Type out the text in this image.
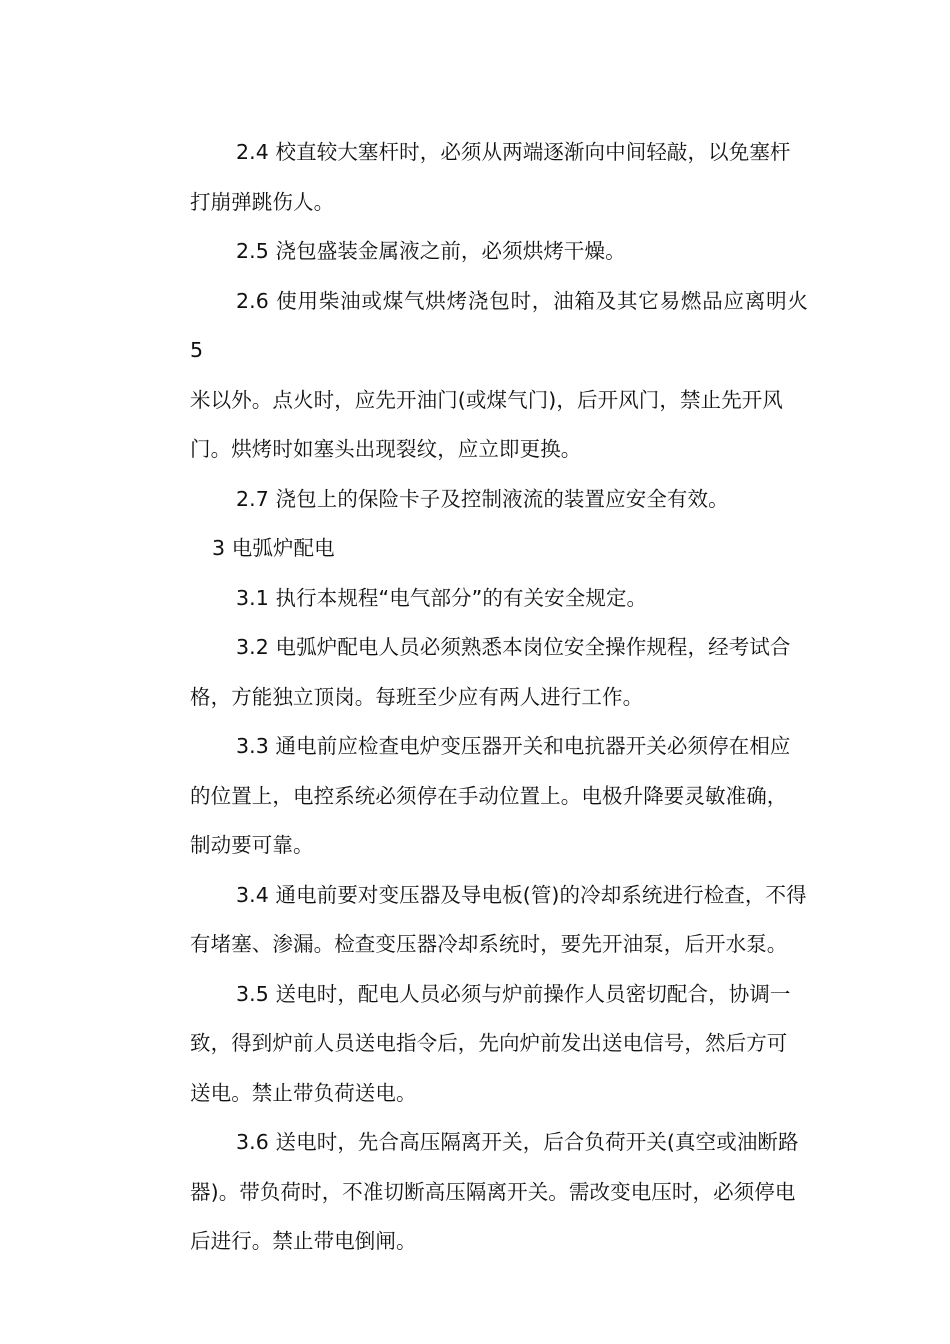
2.4 校直较大塞杆时，必须从两端逐渐向中间轻敲，以免塞杆
打崩弹跳伤人。
2.5 浇包盛装金属液之前，必须烘烤干燥。
2.6 使用柴油或煤气烘烤浇包时，油箱及其它易燃品应离明火 5
米以外。点火时，应先开油门(或煤气门)，后开风门，禁止先开风
门。烘烤时如塞头出现裂纹，应立即更换。
2.7 浇包上的保险卡子及控制液流的装置应安全有效。
3 电弧炉配电
3.1 执行本规程“电气部分”的有关安全规定。
3.2 电弧炉配电人员必须熟悉本岗位安全操作规程，经考试合
格，方能独立顶岗。每班至少应有两人进行工作。
3.3 通电前应检查电炉变压器开关和电抗器开关必须停在相应
的位置上，电控系统必须停在手动位置上。电极升降要灵敏准确，
制动要可靠。
3.4 通电前要对变压器及导电板(管)的冷却系统进行检查，不得
有堵塞、渗漏。检查变压器冷却系统时，要先开油泵，后开水泵。
3.5 送电时，配电人员必须与炉前操作人员密切配合，协调一
致，得到炉前人员送电指令后，先向炉前发出送电信号，然后方可
送电。禁止带负荷送电。
3.6 送电时，先合高压隔离开关，后合负荷开关(真空或油断路
器)。带负荷时，不准切断高压隔离开关。需改变电压时，必须停电
后进行。禁止带电倒闸。
